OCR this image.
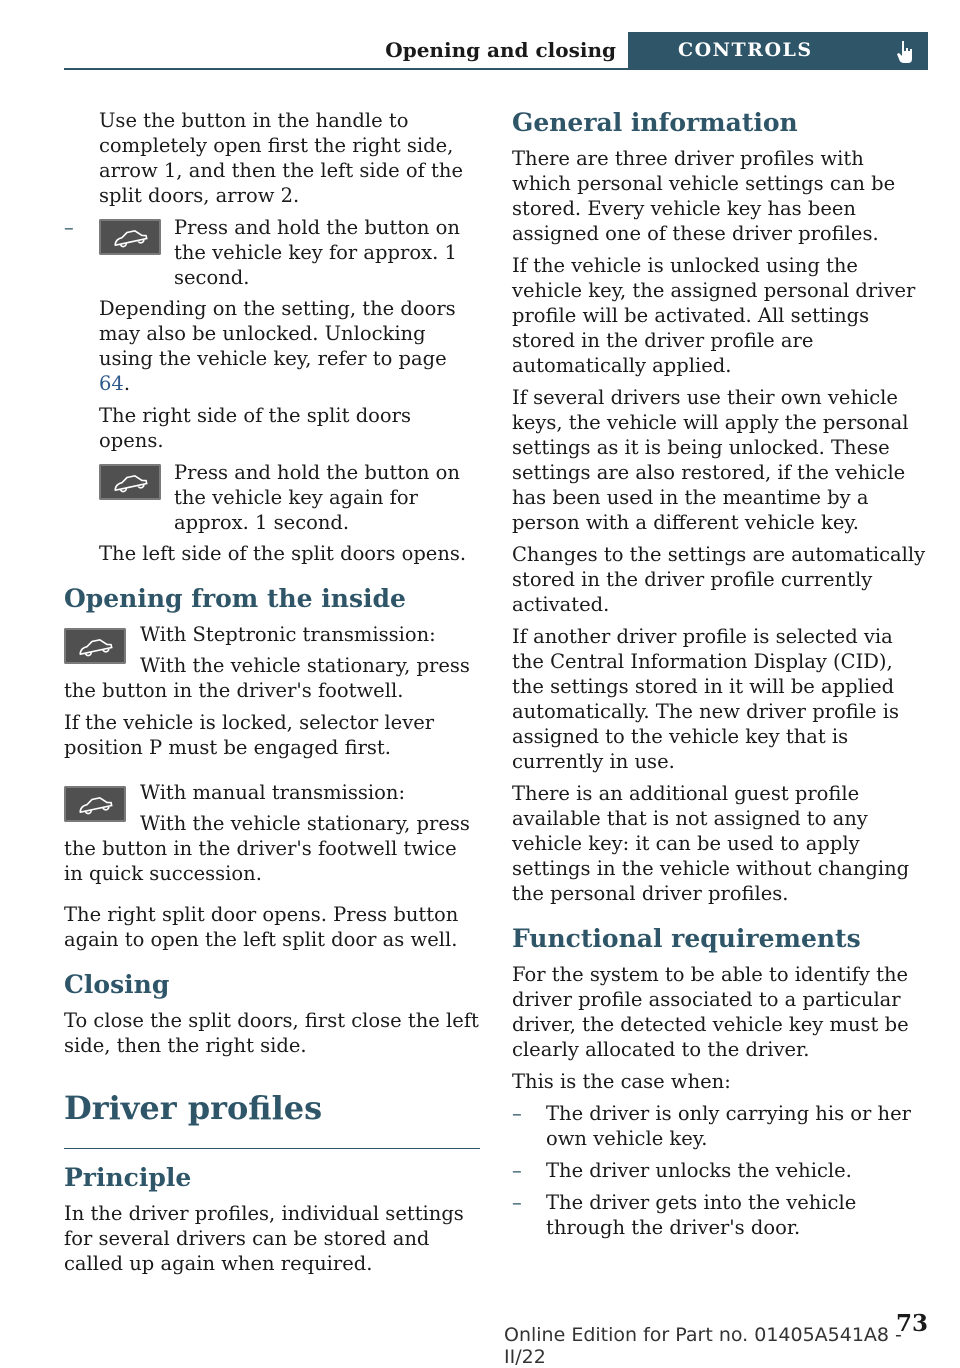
Opening and closing	CONTROLS

Use the button in the handle to completely open first the right side, arrow 1, and then the left side of the split doors, arrow 2.

–	Press and hold the button on the vehicle key for approx. 1 second.

Depending on the setting, the doors may also be unlocked. Unlocking using the vehicle key, refer to page 64.

The right side of the split doors opens.

Press and hold the button on the vehicle key again for approx. 1 second.

The left side of the split doors opens.

Opening from the inside

With Steptronic transmission:

With the vehicle stationary, press the button in the driver's footwell.

If the vehicle is locked, selector lever position P must be engaged first.

With manual transmission:

With the vehicle stationary, press the button in the driver's footwell twice in quick succession.

The right split door opens. Press button again to open the left split door as well.

Closing

To close the split doors, first close the left side, then the right side.

Driver profiles
Principle

In the driver profiles, individual settings for several drivers can be stored and called up again when required.

General information

There are three driver profiles with which personal vehicle settings can be stored. Every vehicle key has been assigned one of these driver profiles.

If the vehicle is unlocked using the vehicle key, the assigned personal driver profile will be activated. All settings stored in the driver profile are automatically applied.

If several drivers use their own vehicle keys, the vehicle will apply the personal settings as it is being unlocked. These settings are also restored, if the vehicle has been used in the meantime by a person with a different vehicle key.

Changes to the settings are automatically stored in the driver profile currently activated.

If another driver profile is selected via the Central Information Display (CID), the settings stored in it will be applied automatically. The new driver profile is assigned to the vehicle key that is currently in use.

There is an additional guest profile available that is not assigned to any vehicle key: it can be used to apply settings in the vehicle without changing the personal driver profiles.

Functional requirements

For the system to be able to identify the driver profile associated to a particular driver, the detected vehicle key must be clearly allocated to the driver.

This is the case when:

– The driver is only carrying his or her own vehicle key.
– The driver unlocks the vehicle.
– The driver gets into the vehicle through the driver's door.
Online Edition for Part no. 01405A541A8 - II/22
73
